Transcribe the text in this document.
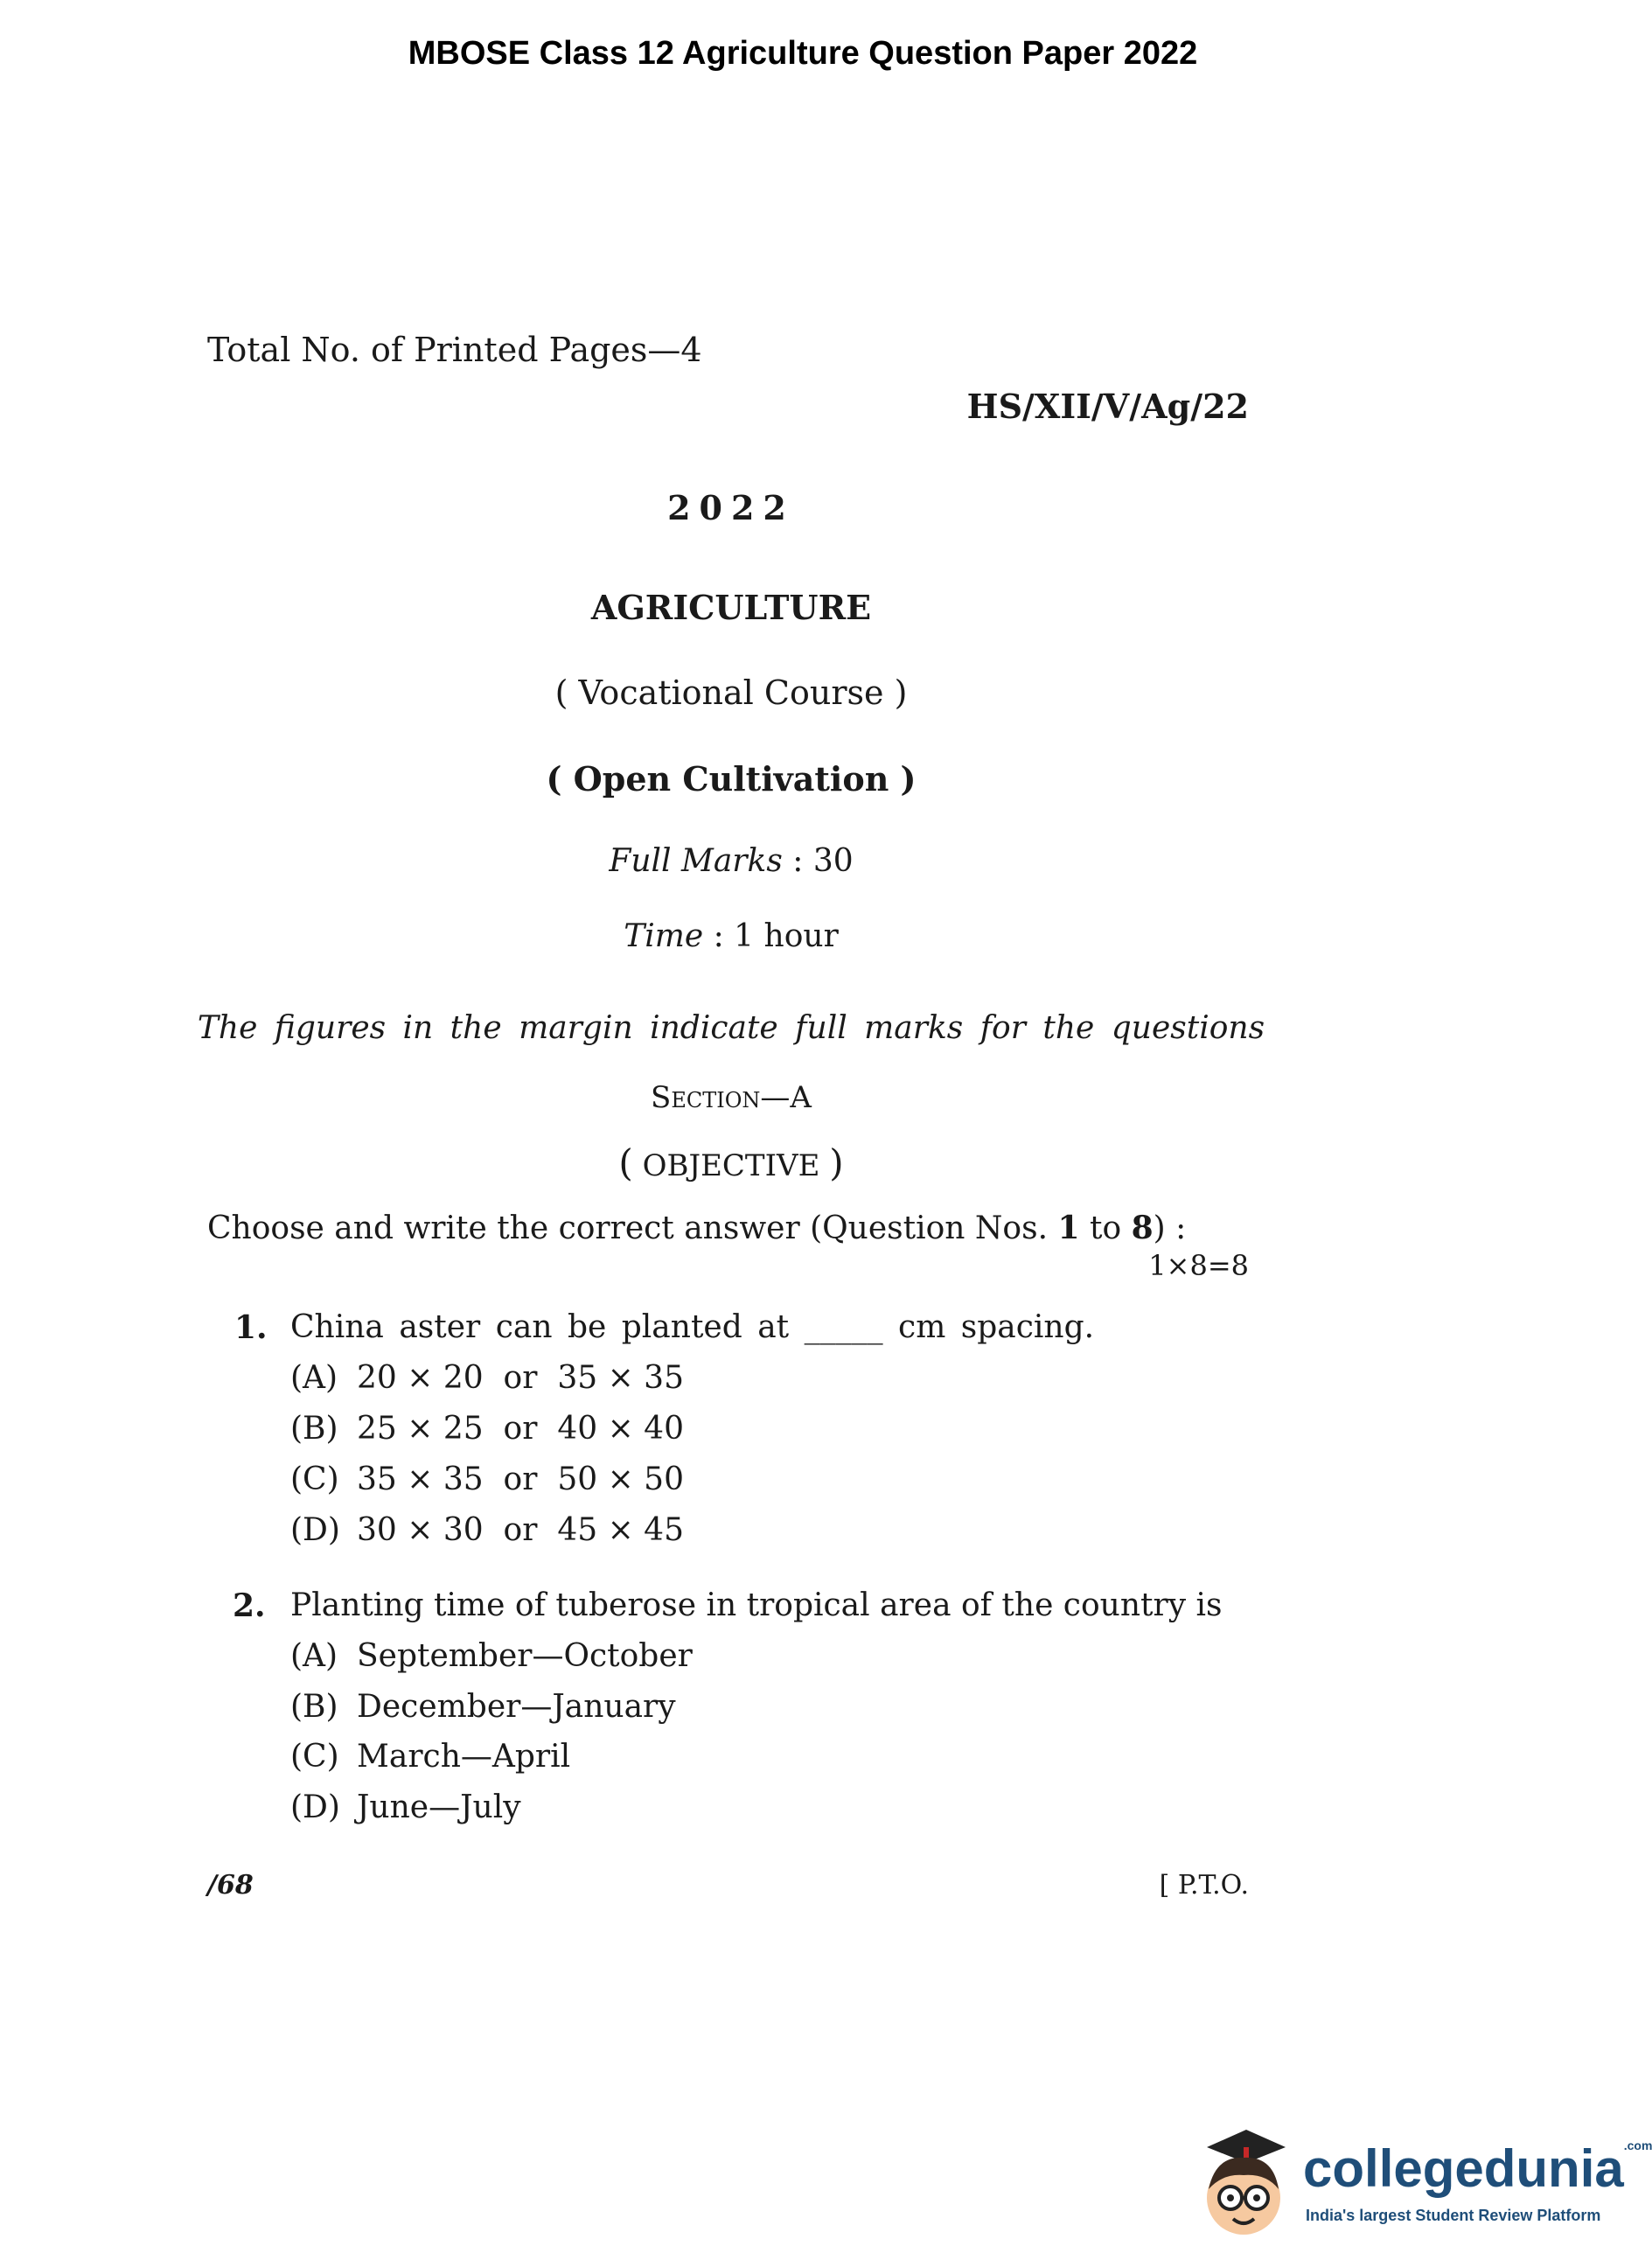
MBOSE Class 12 Agriculture Question Paper 2022
Total No. of Printed Pages—4
HS/XII/V/Ag/22
2022
AGRICULTURE
( Vocational Course )
( Open Cultivation )
Full Marks : 30
Time : 1 hour
The figures in the margin indicate full marks for the questions
Section—A
( OBJECTIVE )
Choose and write the correct answer (Question Nos. 1 to 8) :
1×8=8
1. China aster can be planted at _____ cm spacing.
(A) 20 × 20  or  35 × 35
(B) 25 × 25  or  40 × 40
(C) 35 × 35  or  50 × 50
(D) 30 × 30  or  45 × 45
2. Planting time of tuberose in tropical area of the country is
(A) September—October
(B) December—January
(C) March—April
(D) June—July
/68	[ P.T.O.
collegedunia$^{.com}$
India's largest Student Review Platform
